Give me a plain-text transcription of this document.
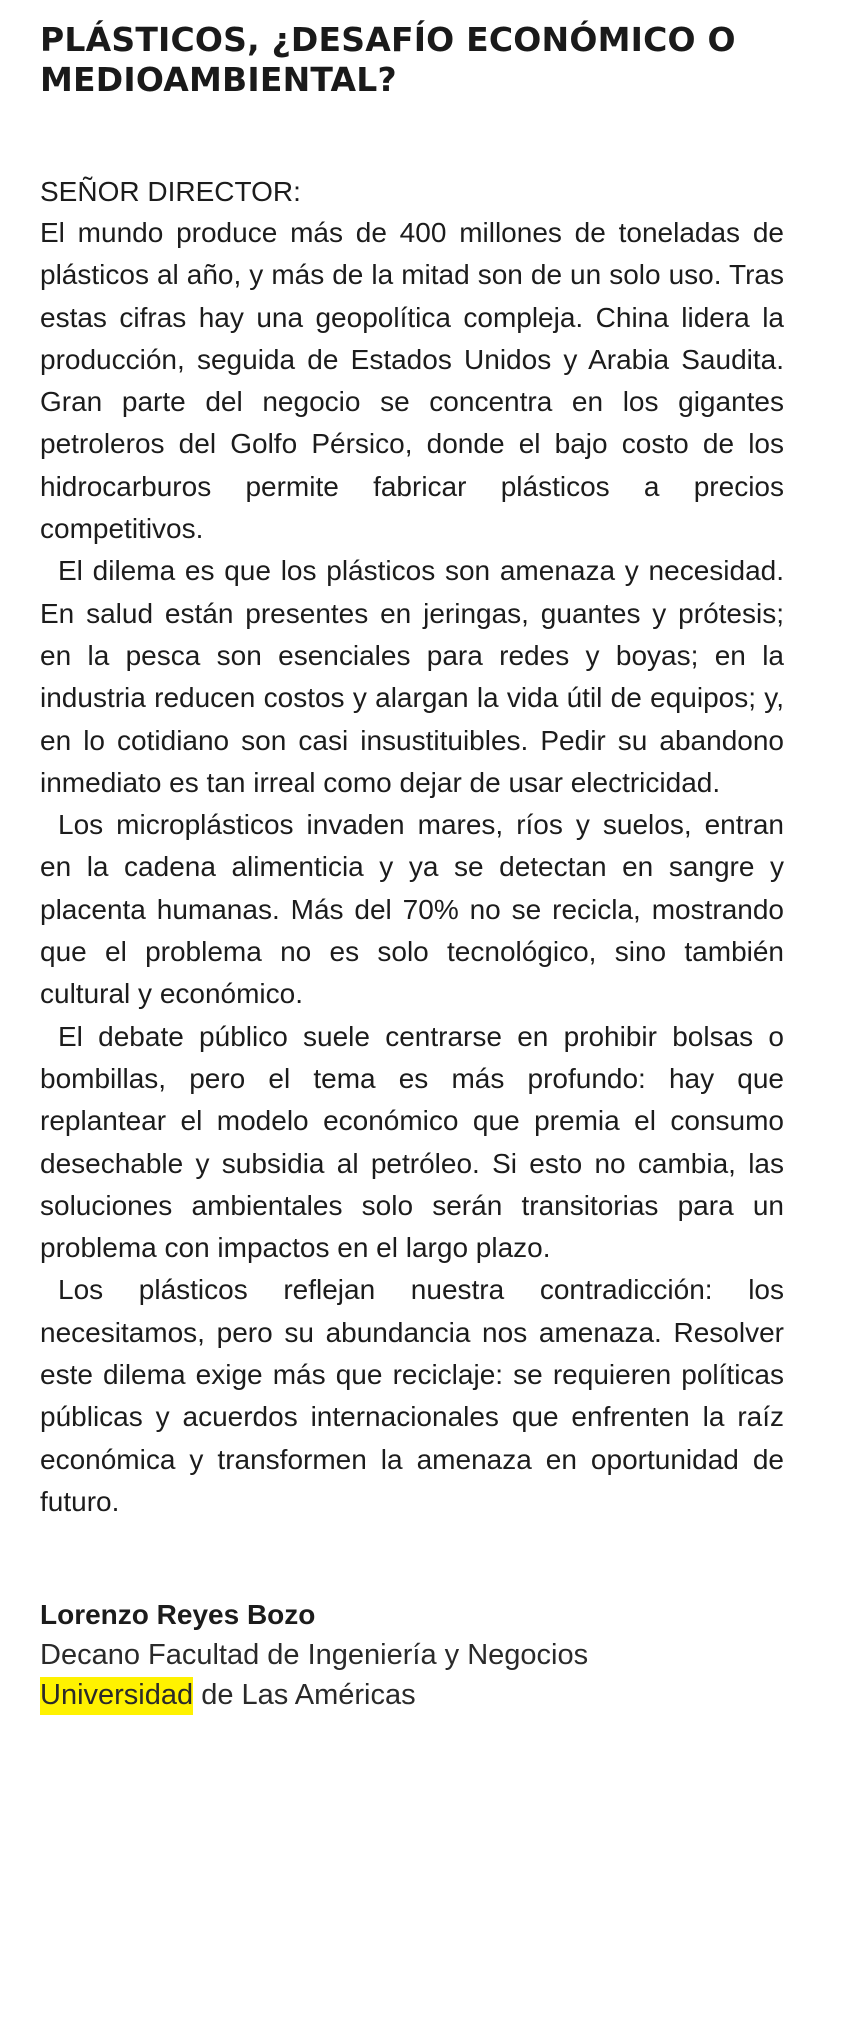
PLÁSTICOS, ¿DESAFÍO ECONÓMICO O MEDIOAMBIENTAL?
SEÑOR DIRECTOR:

El mundo produce más de 400 millones de toneladas de plásticos al año, y más de la mitad son de un solo uso. Tras estas cifras hay una geopolítica compleja. China lidera la producción, seguida de Estados Unidos y Arabia Saudita. Gran parte del negocio se concentra en los gigantes petroleros del Golfo Pérsico, donde el bajo costo de los hidrocarburos permite fabricar plásticos a precios competitivos.

El dilema es que los plásticos son amenaza y necesidad. En salud están presentes en jeringas, guantes y prótesis; en la pesca son esenciales para redes y boyas; en la industria reducen costos y alargan la vida útil de equipos; y, en lo cotidiano son casi insustituibles. Pedir su abandono inmediato es tan irreal como dejar de usar electricidad.

Los microplásticos invaden mares, ríos y suelos, entran en la cadena alimenticia y ya se detectan en sangre y placenta humanas. Más del 70% no se recicla, mostrando que el problema no es solo tecnológico, sino también cultural y económico.

El debate público suele centrarse en prohibir bolsas o bombillas, pero el tema es más profundo: hay que replantear el modelo económico que premia el consumo desechable y subsidia al petróleo. Si esto no cambia, las soluciones ambientales solo serán transitorias para un problema con impactos en el largo plazo.

Los plásticos reflejan nuestra contradicción: los necesitamos, pero su abundancia nos amenaza. Resolver este dilema exige más que reciclaje: se requieren políticas públicas y acuerdos internacionales que enfrenten la raíz económica y transformen la amenaza en oportunidad de futuro.

Lorenzo Reyes Bozo
Decano Facultad de Ingeniería y Negocios
Universidad de Las Américas
